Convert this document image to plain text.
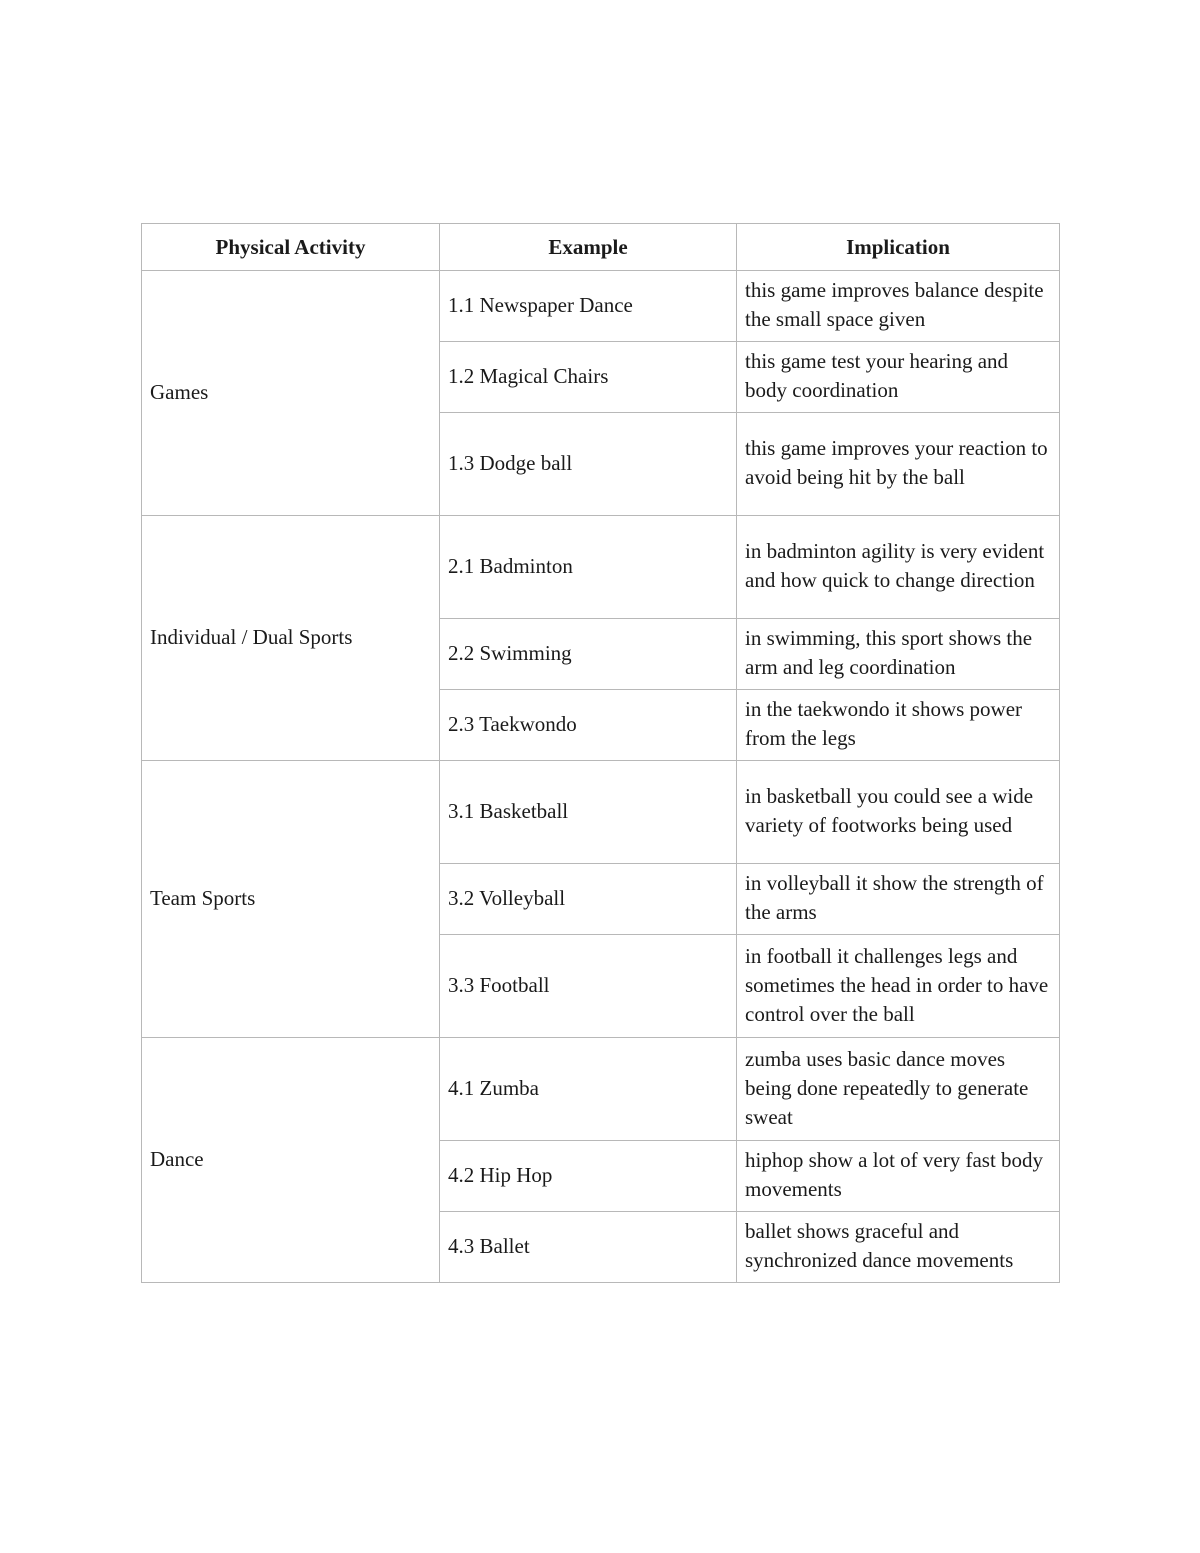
Physical Activity	Example	Implication
Games	1.1 Newspaper Dance	this game improves balance despite the small space given
	1.2 Magical Chairs	this game test your hearing and body coordination
	1.3 Dodge ball	this game improves your reaction to avoid being hit by the ball
Individual / Dual Sports	2.1 Badminton	in badminton agility is very evident and how quick to change direction
	2.2 Swimming	in swimming, this sport shows the arm and leg coordination
	2.3 Taekwondo	in the taekwondo it shows power from the legs
Team Sports	3.1 Basketball	in basketball you could see a wide variety of footworks being used
	3.2 Volleyball	in volleyball it show the strength of the arms
	3.3 Football	in football it challenges legs and sometimes the head in order to have control over the ball
Dance	4.1 Zumba	zumba uses basic dance moves being done repeatedly to generate sweat
	4.2 Hip Hop	hiphop show a lot of very fast body movements
	4.3 Ballet	ballet shows graceful and synchronized dance movements
